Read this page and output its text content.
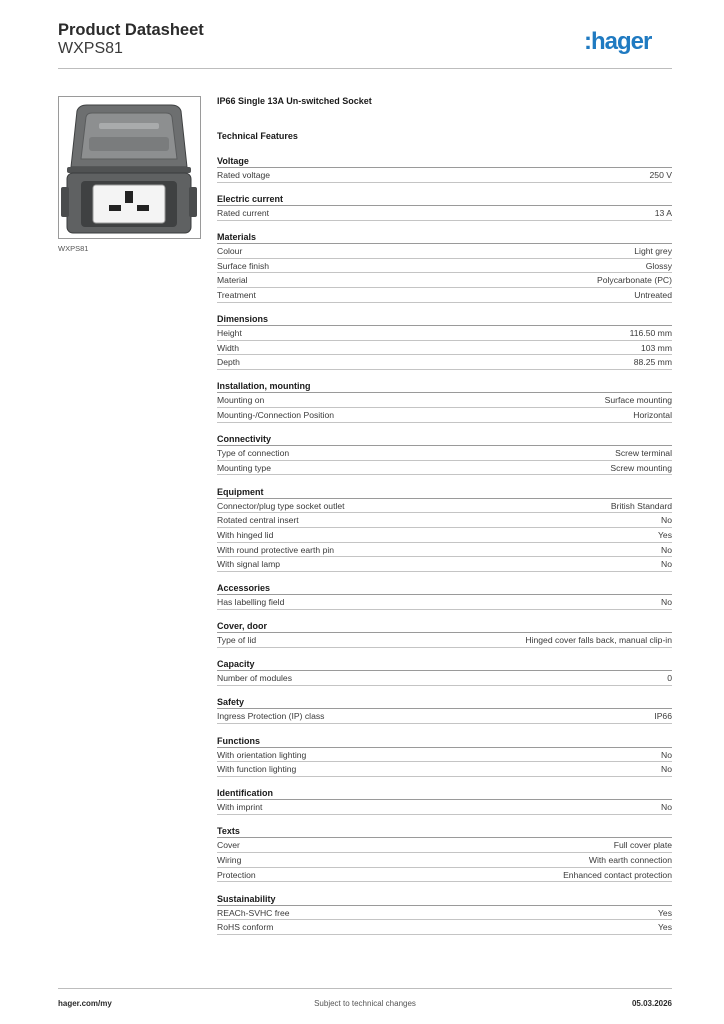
Product Datasheet
WXPS81	:hager
WXPS81
IP66 Single 13A Un-switched Socket
Technical Features
Voltage
Rated voltage	250 V
Electric current
Rated current	13 A
Materials
Colour	Light grey
Surface finish	Glossy
Material	Polycarbonate (PC)
Treatment	Untreated
Dimensions
Height	116.50 mm
Width	103 mm
Depth	88.25 mm
Installation, mounting
Mounting on	Surface mounting
Mounting-/Connection Position	Horizontal
Connectivity
Type of connection	Screw terminal
Mounting type	Screw mounting
Equipment
Connector/plug type socket outlet	British Standard
Rotated central insert	No
With hinged lid	Yes
With round protective earth pin	No
With signal lamp	No
Accessories
Has labelling field	No
Cover, door
Type of lid	Hinged cover falls back, manual clip-in
Capacity
Number of modules	0
Safety
Ingress Protection (IP) class	IP66
Functions
With orientation lighting	No
With function lighting	No
Identification
With imprint	No
Texts
Cover	Full cover plate
Wiring	With earth connection
Protection	Enhanced contact protection
Sustainability
REACh-SVHC free	Yes
RoHS conform	Yes
hager.com/my	Subject to technical changes	05.03.2026
